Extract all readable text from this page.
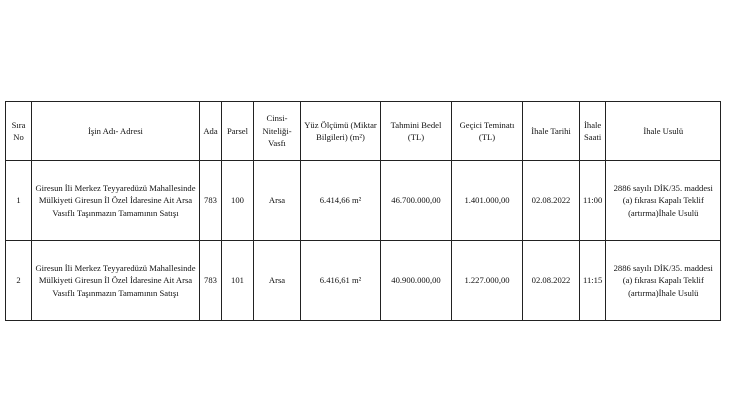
Sıra No	İşin Adı- Adresi	Ada	Parsel	Cinsi- Niteliği- Vasfı	Yüz Ölçümü (Miktar Bilgileri) (m²)	Tahmini Bedel (TL)	Geçici Teminatı (TL)	İhale Tarihi	İhale Saati	İhale Usulü
1	Giresun İli Merkez Teyyaredüzü Mahallesinde Mülkiyeti Giresun İl Özel İdaresine Ait Arsa Vasıflı Taşınmazın Tamamının Satışı	783	100	Arsa	6.414,66 m²	46.700.000,00	1.401.000,00	02.08.2022	11:00	2886 sayılı DİK/35. maddesi (a) fıkrası Kapalı Teklif (artırma)İhale Usulü
2	Giresun İli Merkez Teyyaredüzü Mahallesinde Mülkiyeti Giresun İl Özel İdaresine Ait Arsa Vasıflı Taşınmazın Tamamının Satışı	783	101	Arsa	6.416,61 m²	40.900.000,00	1.227.000,00	02.08.2022	11:15	2886 sayılı DİK/35. maddesi (a) fıkrası Kapalı Teklif (artırma)İhale Usulü
